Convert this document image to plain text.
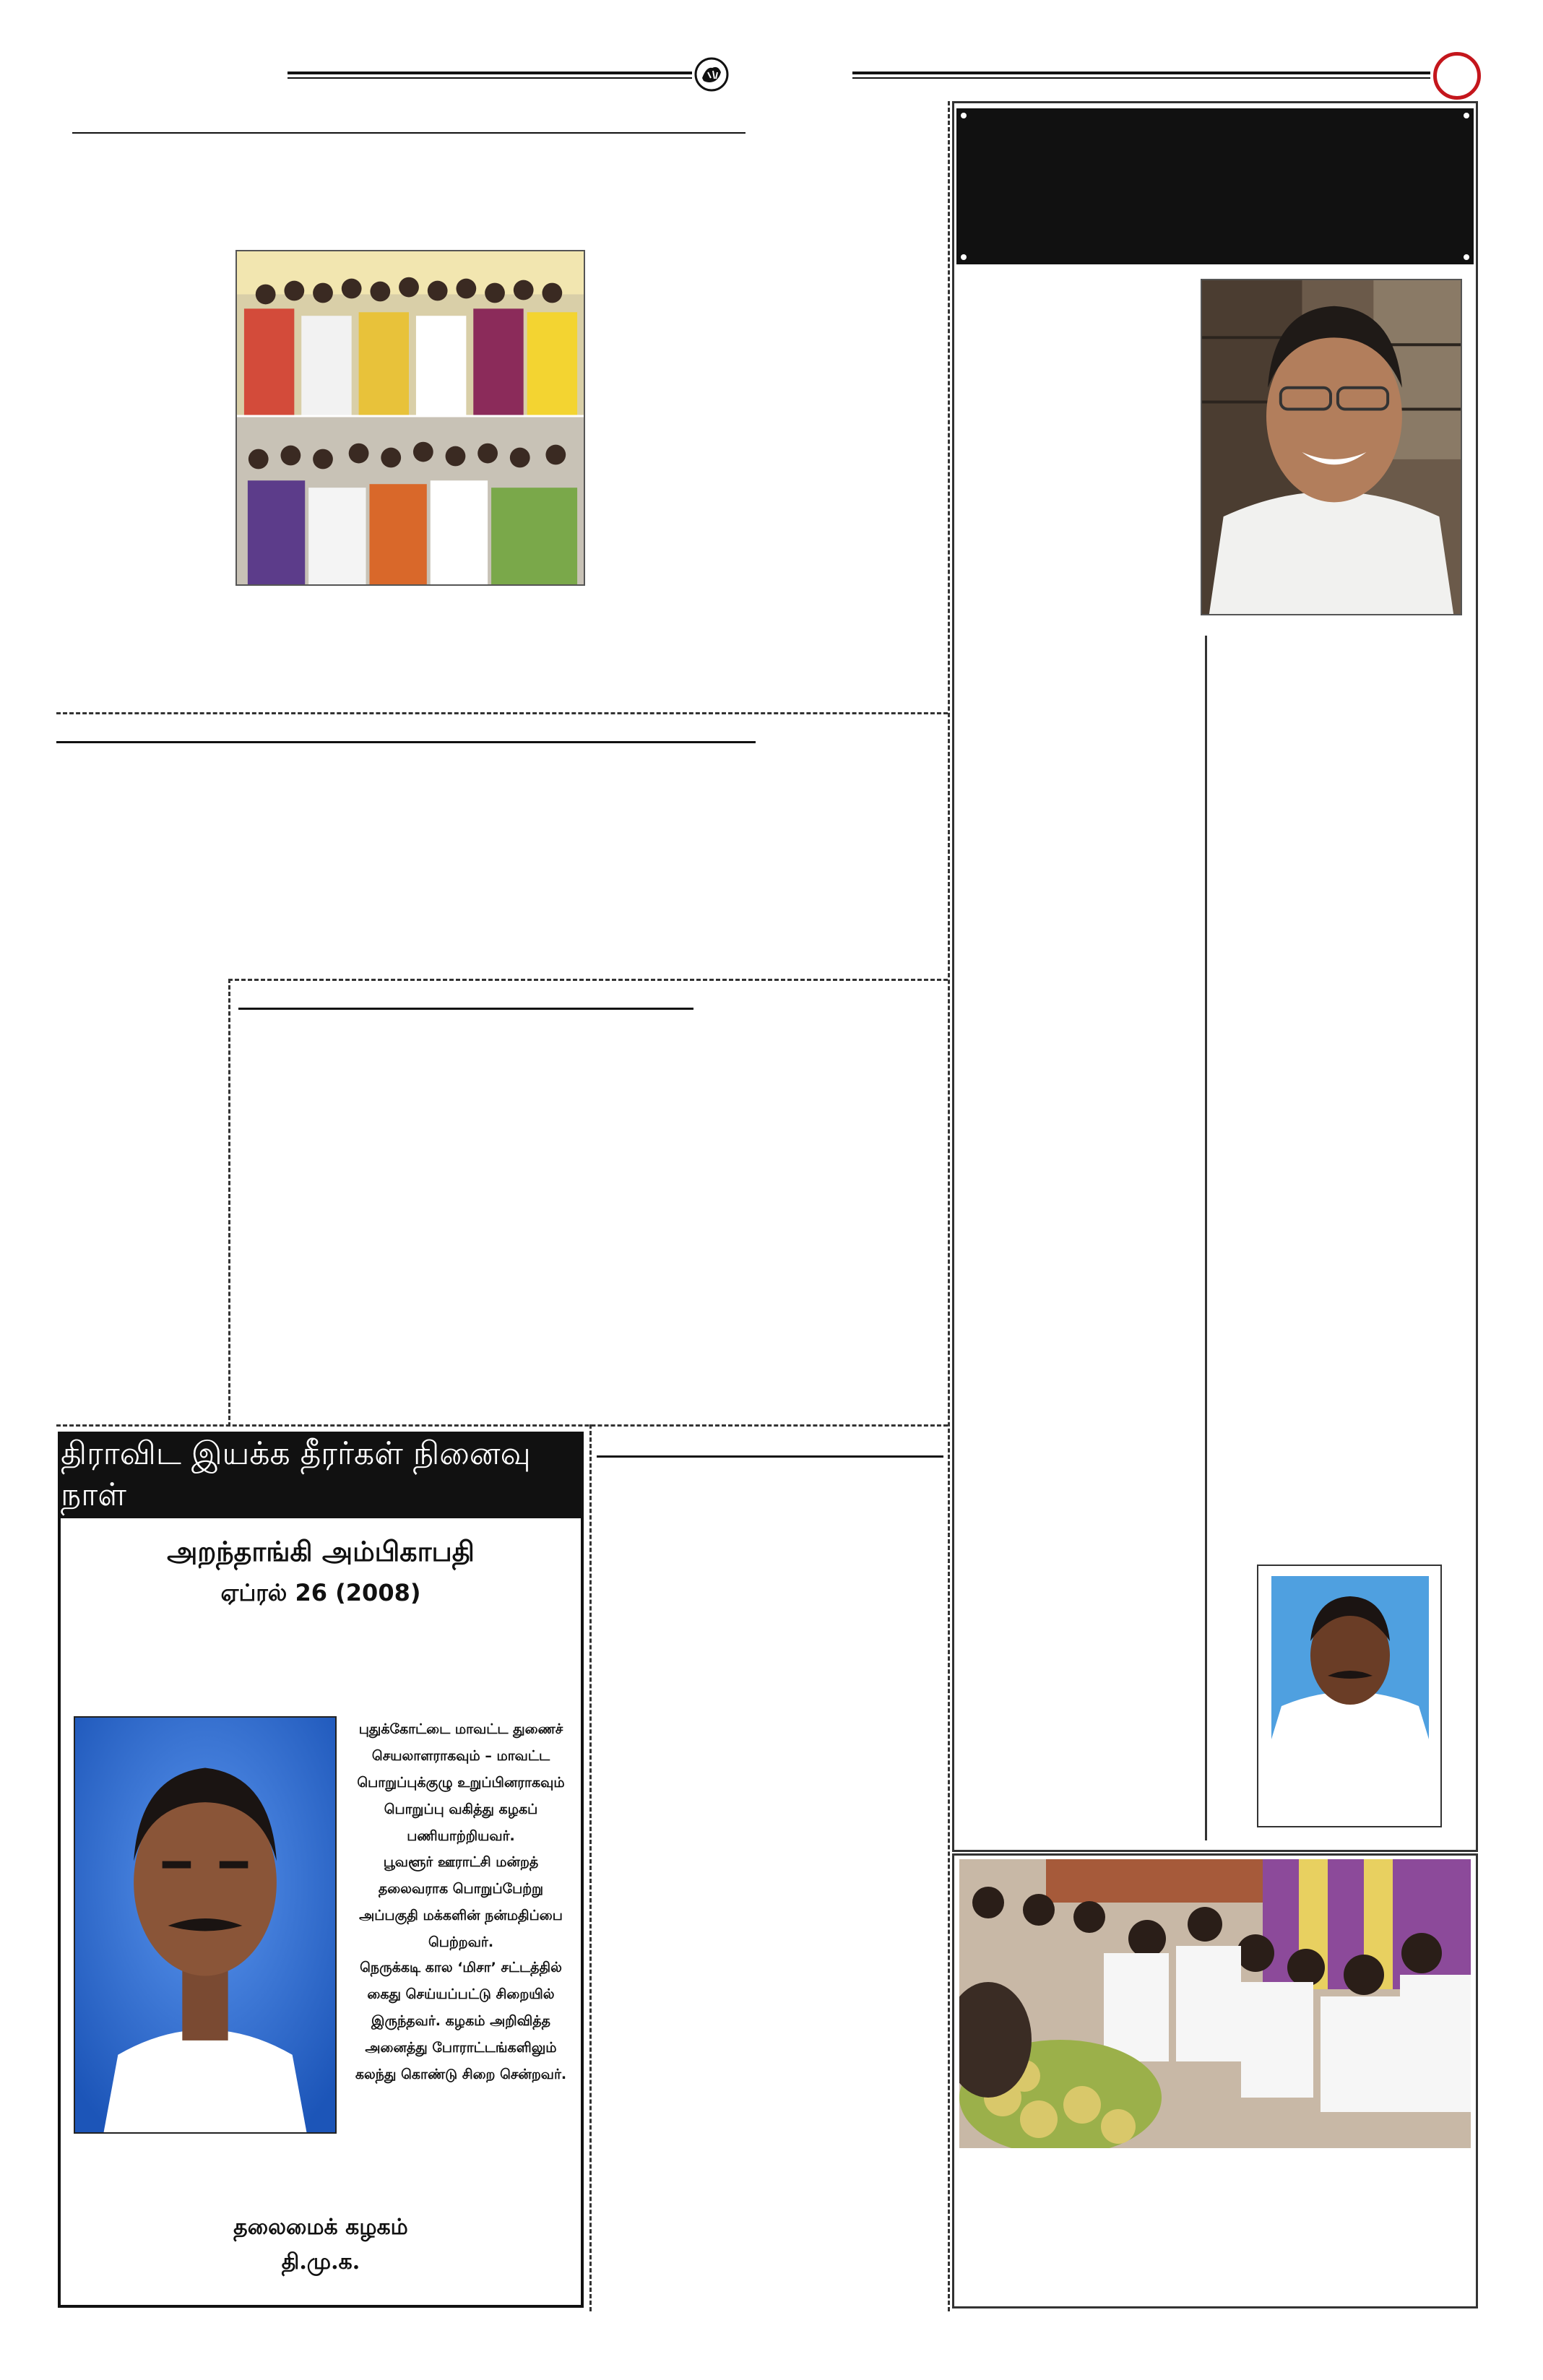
திராவிட இயக்க தீரர்கள் நினைவு நாள்
அறந்தாங்கி அம்பிகாபதி
ஏப்ரல் 26 (2008)
புதுக்கோட்டை மாவட்ட துணைச் செயலாளராகவும் – மாவட்ட பொறுப்புக்குழு உறுப்பினராகவும் பொறுப்பு வகித்து கழகப் பணியாற்றியவர்.
பூவளூர் ஊராட்சி மன்றத் தலைவராக பொறுப்பேற்று அப்பகுதி மக்களின் நன்மதிப்பை பெற்றவர்.
நெருக்கடி கால ‘மிசா’ சட்டத்தில் கைது செய்யப்பட்டு சிறையில் இருந்தவர். கழகம் அறிவித்த அனைத்து போராட்டங்களிலும் கலந்து கொண்டு சிறை சென்றவர்.
தலைமைக் கழகம்
தி.மு.க.
